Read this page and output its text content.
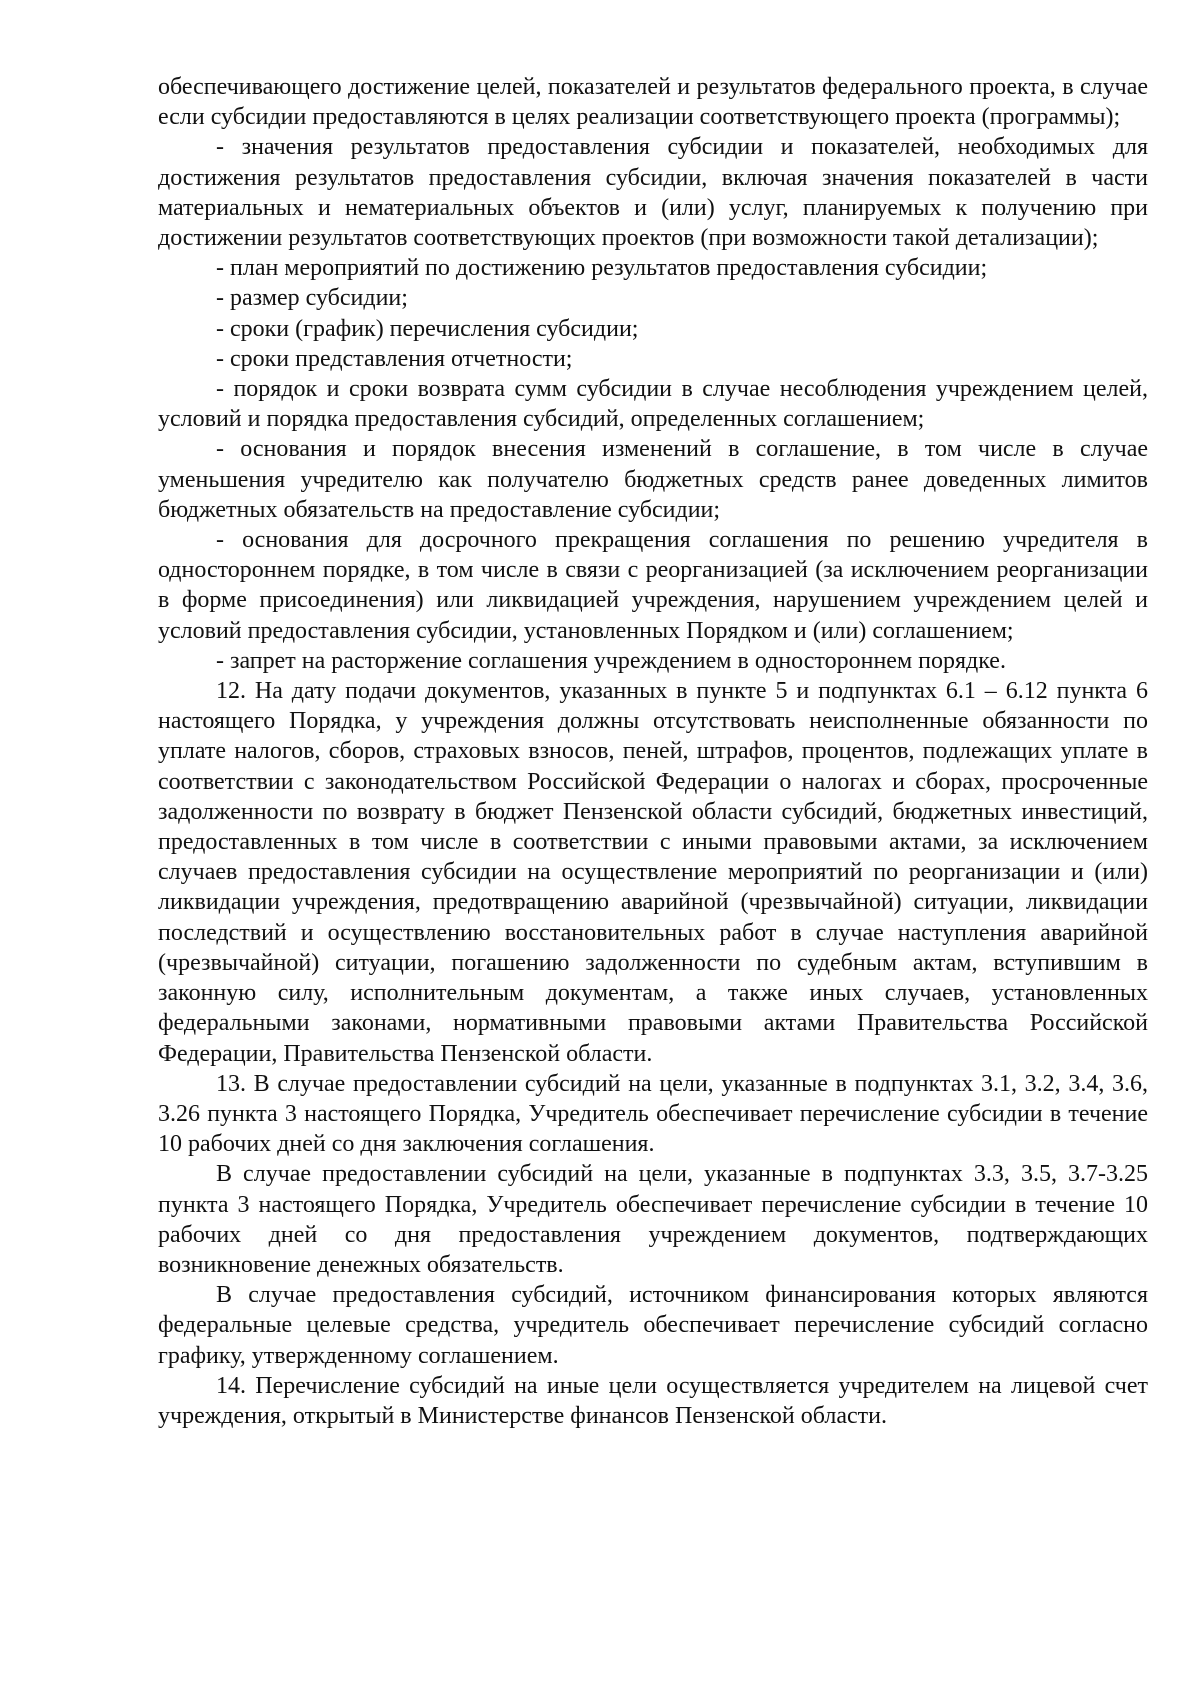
обеспечивающего достижение целей, показателей и результатов федерального проекта, в случае если субсидии предоставляются в целях реализации соответствующего проекта (программы);

- значения результатов предоставления субсидии и показателей, необходимых для достижения результатов предоставления субсидии, включая значения показателей в части материальных и нематериальных объектов и (или) услуг, планируемых к получению при достижении результатов соответствующих проектов (при возможности такой детализации);

- план мероприятий по достижению результатов предоставления субсидии;

- размер субсидии;

- сроки (график) перечисления субсидии;

- сроки представления отчетности;

- порядок и сроки возврата сумм субсидии в случае несоблюдения учреждением целей, условий и порядка предоставления субсидий, определенных соглашением;

- основания и порядок внесения изменений в соглашение, в том числе в случае уменьшения учредителю как получателю бюджетных средств ранее доведенных лимитов бюджетных обязательств на предоставление субсидии;

- основания для досрочного прекращения соглашения по решению учредителя в одностороннем порядке, в том числе в связи с реорганизацией (за исключением реорганизации в форме присоединения) или ликвидацией учреждения, нарушением учреждением целей и условий предоставления субсидии, установленных Порядком и (или) соглашением;

- запрет на расторжение соглашения учреждением в одностороннем порядке.

12. На дату подачи документов, указанных в пункте 5 и подпунктах 6.1 – 6.12 пункта 6 настоящего Порядка, у учреждения должны отсутствовать неисполненные обязанности по уплате налогов, сборов, страховых взносов, пеней, штрафов, процентов, подлежащих уплате в соответствии с законодательством Российской Федерации о налогах и сборах, просроченные задолженности по возврату в бюджет Пензенской области субсидий, бюджетных инвестиций, предоставленных в том числе в соответствии с иными правовыми актами, за исключением случаев предоставления субсидии на осуществление мероприятий по реорганизации и (или) ликвидации учреждения, предотвращению аварийной (чрезвычайной) ситуации, ликвидации последствий и осуществлению восстановительных работ в случае наступления аварийной (чрезвычайной) ситуации, погашению задолженности по судебным актам, вступившим в законную силу, исполнительным документам, а также иных случаев, установленных федеральными законами, нормативными правовыми актами Правительства Российской Федерации, Правительства Пензенской области.

13. В случае предоставлении субсидий на цели, указанные в подпунктах 3.1, 3.2, 3.4, 3.6, 3.26 пункта 3 настоящего Порядка, Учредитель обеспечивает перечисление субсидии в течение 10 рабочих дней со дня заключения соглашения.

В случае предоставлении субсидий на цели, указанные в подпунктах 3.3, 3.5, 3.7-3.25 пункта 3 настоящего Порядка, Учредитель обеспечивает перечисление субсидии в течение 10 рабочих дней со дня предоставления учреждением документов, подтверждающих возникновение денежных обязательств.

В случае предоставления субсидий, источником финансирования которых являются федеральные целевые средства, учредитель обеспечивает перечисление субсидий согласно графику, утвержденному соглашением.

14. Перечисление субсидий на иные цели осуществляется учредителем на лицевой счет учреждения, открытый в Министерстве финансов Пензенской области.
